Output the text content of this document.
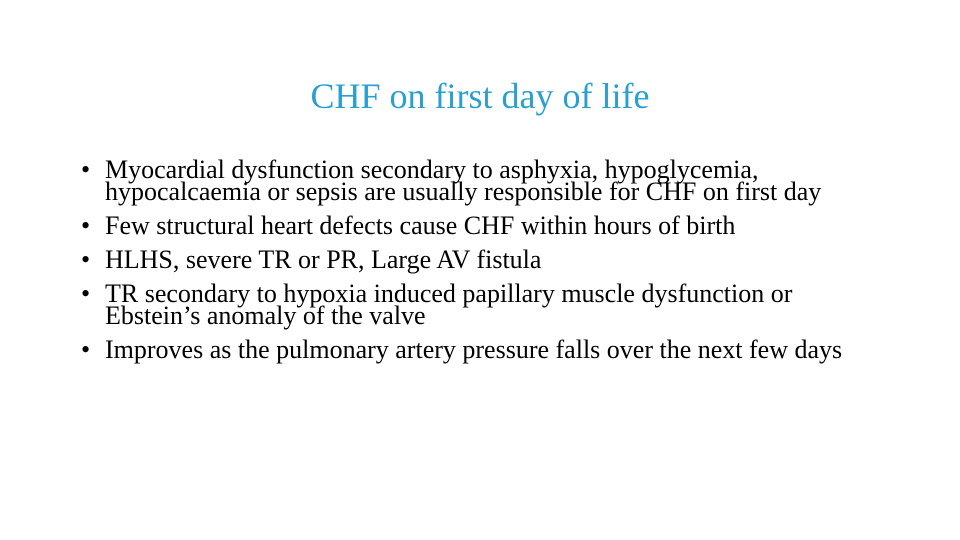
CHF on first day of life
• Myocardial dysfunction secondary to asphyxia, hypoglycemia, hypocalcaemia or sepsis are usually responsible for CHF on first day
• Few structural heart defects cause CHF within hours of birth
• HLHS, severe TR or PR, Large AV fistula
• TR secondary to hypoxia induced papillary muscle dysfunction or Ebstein’s anomaly of the valve
• Improves as the pulmonary artery pressure falls over the next few days
